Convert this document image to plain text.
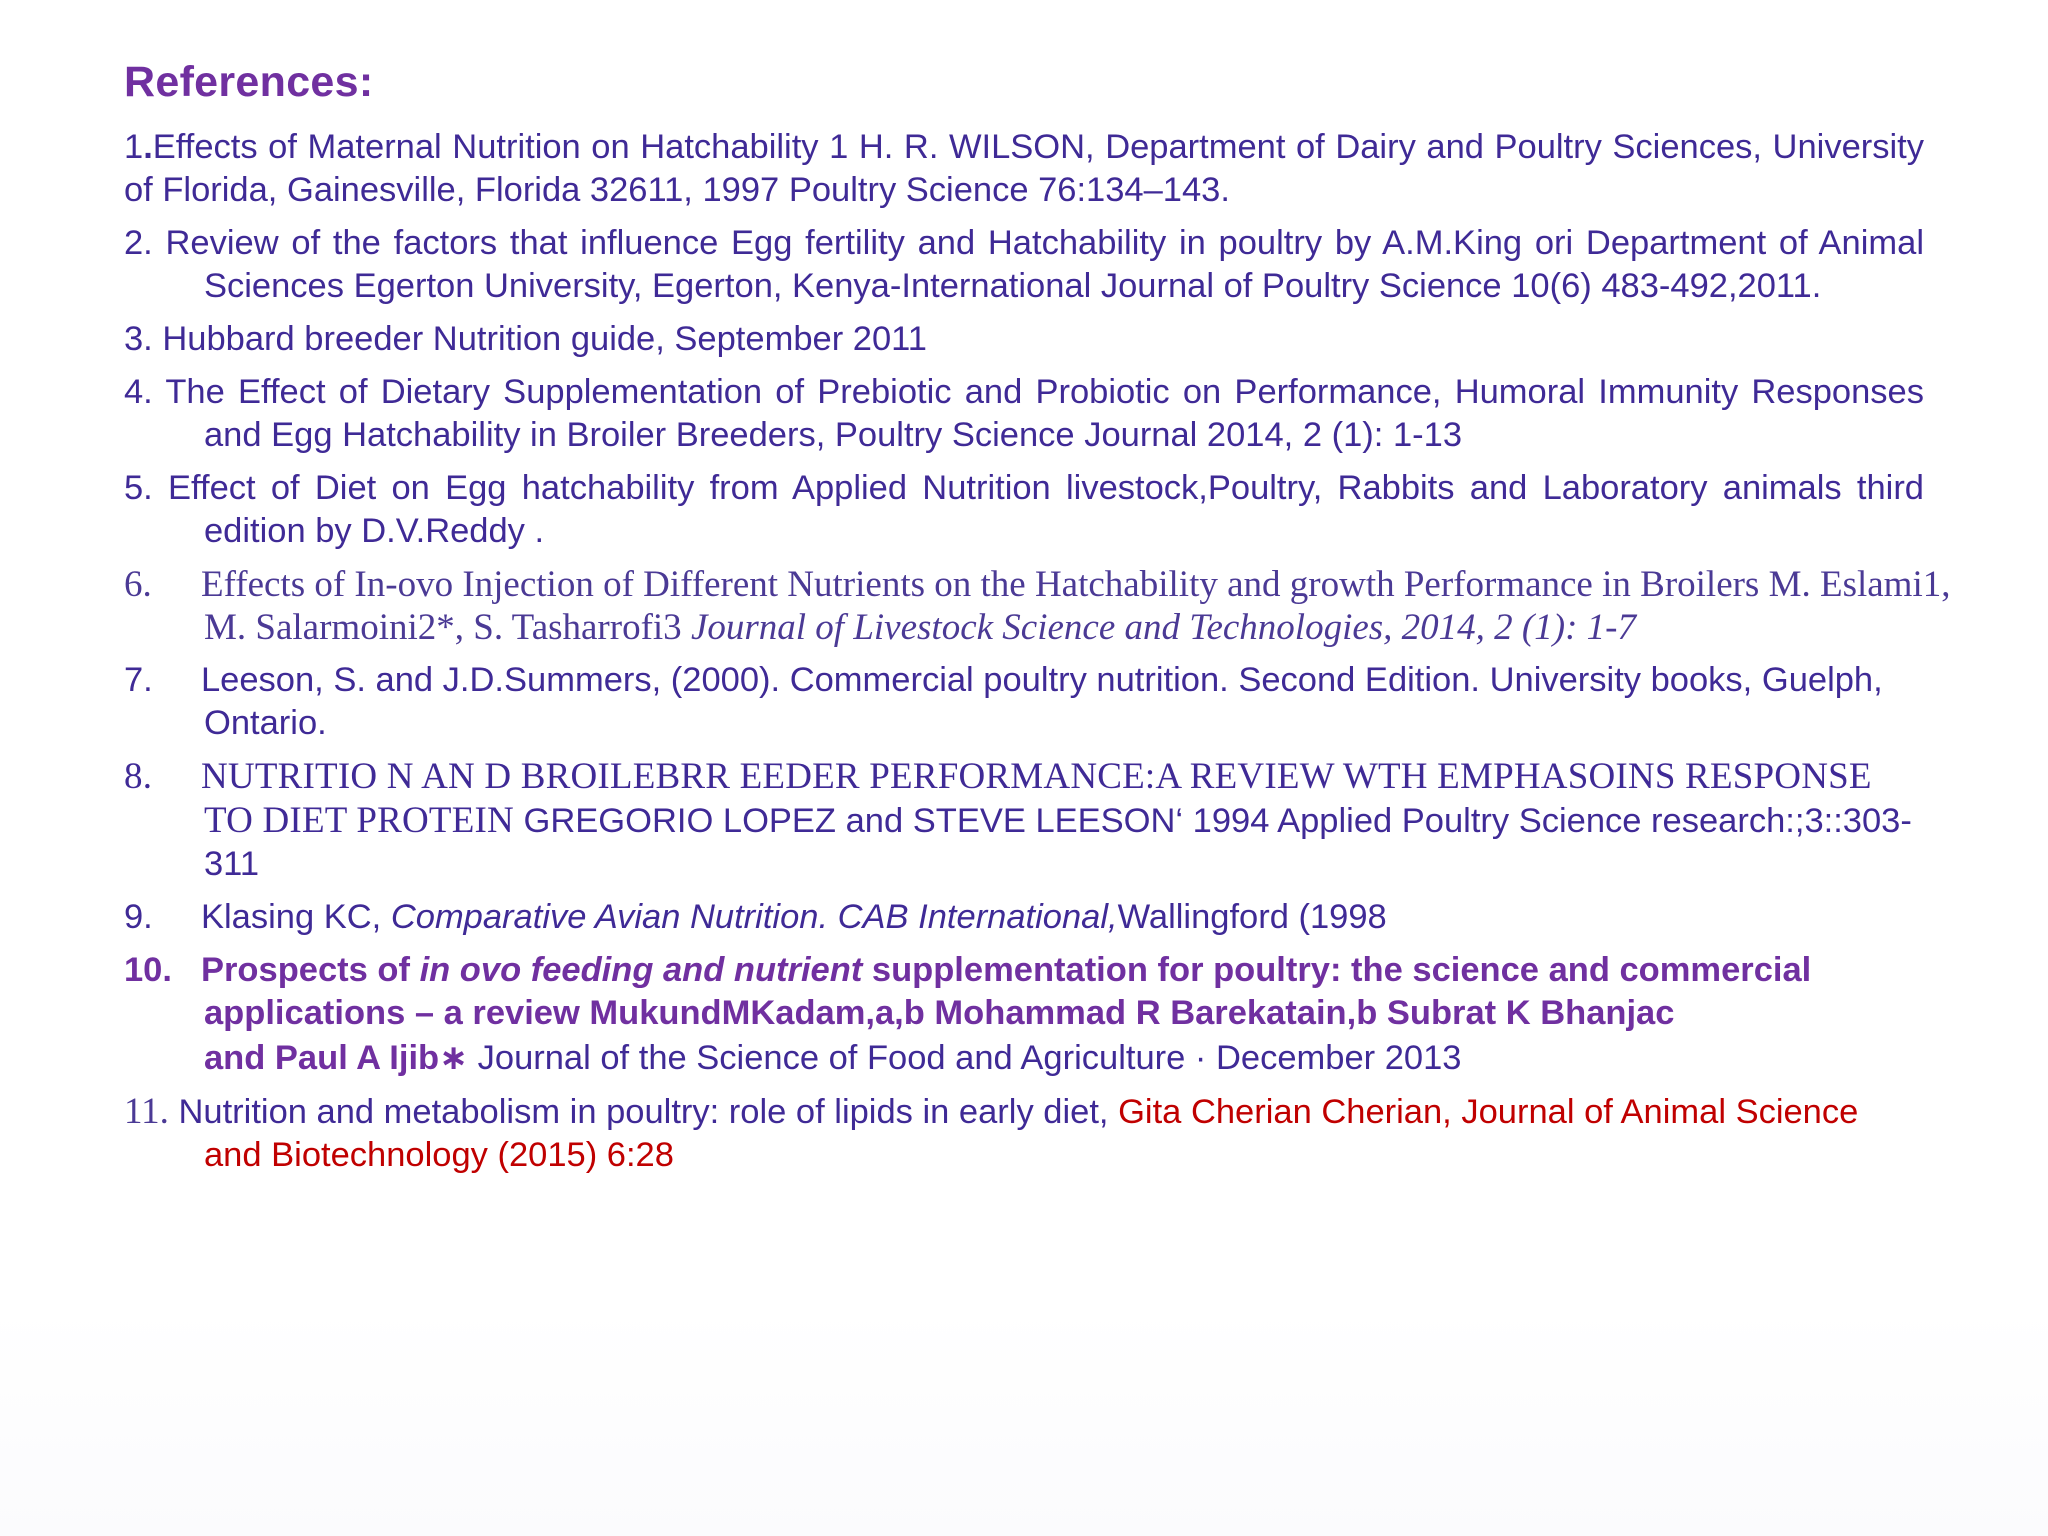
References:
1.Effects of Maternal Nutrition on Hatchability 1 H. R. WILSON, Department of Dairy and Poultry Sciences, University of Florida, Gainesville, Florida 32611, 1997 Poultry Science 76:134–143.
2. Review of the factors that influence Egg fertility and Hatchability in poultry by A.M.King ori Department of Animal Sciences Egerton University, Egerton, Kenya-International Journal of Poultry Science 10(6) 483-492,2011.
3. Hubbard breeder Nutrition guide, September 2011
4. The Effect of Dietary Supplementation of Prebiotic and Probiotic on Performance, Humoral Immunity Responses and Egg Hatchability in Broiler Breeders, Poultry Science Journal 2014, 2 (1): 1-13
5. Effect of Diet on Egg hatchability from Applied Nutrition livestock,Poultry, Rabbits and Laboratory animals third edition by D.V.Reddy .
6. Effects of In-ovo Injection of Different Nutrients on the Hatchability and growth Performance in Broilers M. Eslami1, M. Salarmoini2*, S. Tasharrofi3 Journal of Livestock Science and Technologies, 2014, 2 (1): 1-7
7. Leeson, S. and J.D.Summers, (2000). Commercial poultry nutrition. Second Edition. University books, Guelph, Ontario.
8. NUTRITIO N AN D BROILEBRR EEDER PERFORMANCE:A REVIEW WTH EMPHASOINS RESPONSE TO DIET PROTEIN GREGORIO LOPEZ and STEVE LEESON‘ 1994 Applied Poultry Science research:;3::303-311
9. Klasing KC, Comparative Avian Nutrition. CAB International,Wallingford (1998
10. Prospects of in ovo feeding and nutrient supplementation for poultry: the science and commercial applications – a review MukundMKadam,a,b Mohammad R Barekatain,b Subrat K Bhanjac
and Paul A Ijib∗ Journal of the Science of Food and Agriculture · December 2013
11. Nutrition and metabolism in poultry: role of lipids in early diet, Gita Cherian Cherian, Journal of Animal Science and Biotechnology (2015) 6:28
